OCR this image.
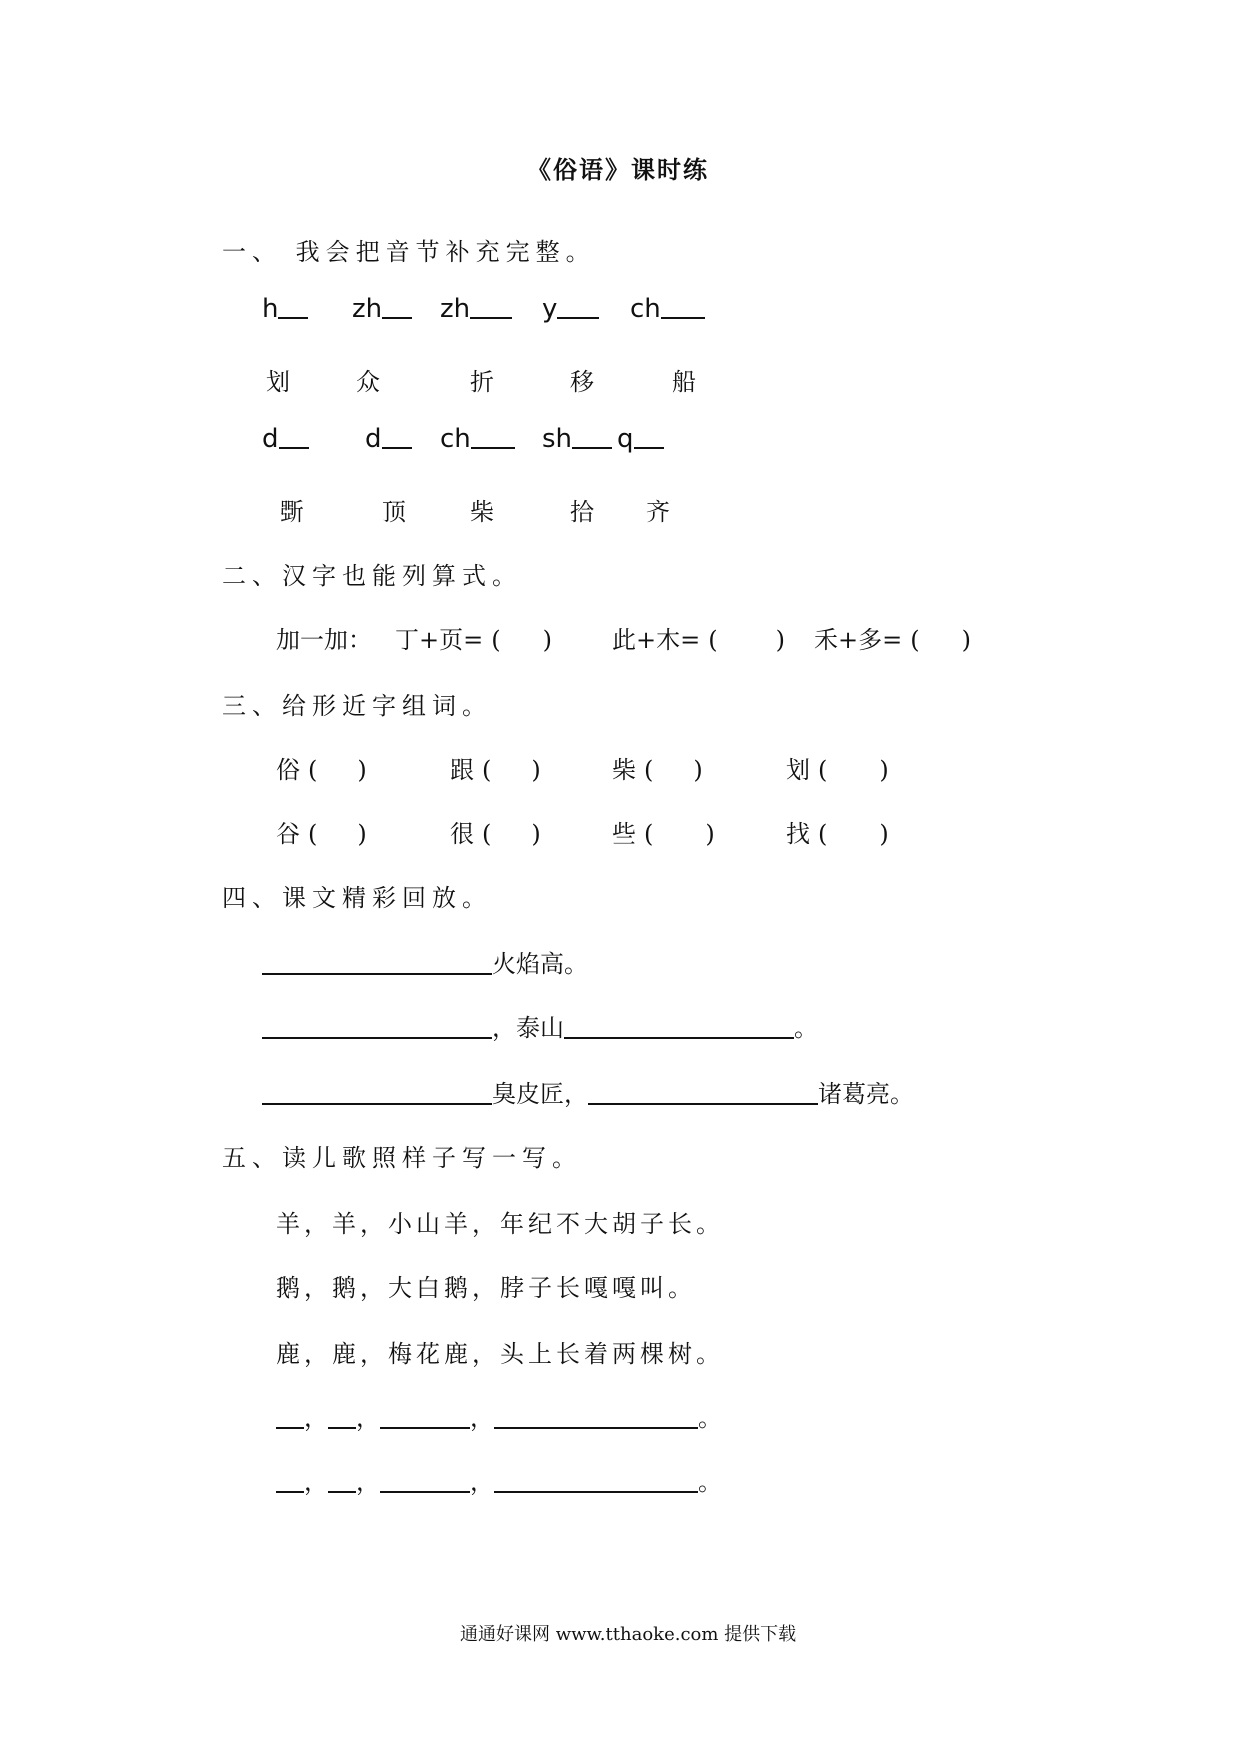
《俗语》课时练
一、 我会把音节补充完整。
h	zh	zh	y	ch
划	众	折	移	船
d	d	ch	sh	q
斲	顶	柴	拾 齐
二、汉字也能列算式。
加一加： 丁+页= ( )	此+木= ( ) 禾+多= ( )
三、给形近字组词。
俗 ( )	跟 ( )	柴 ( )	划 ( )
谷 ( )	很 ( )	些 ( )	找 ( )
四、课文精彩回放。
火焰高。
，泰山	。
臭皮匠，	诸葛亮。
五、读儿歌照样子写一写。
羊，羊，小山羊，年纪不大胡子长。
鹅，鹅，大白鹅，脖子长嘎嘎叫。
鹿，鹿，梅花鹿，头上长着两棵树。
， ，	，	。
， ，	，	。
通通好课网 www.tthaoke.com 提供下载
